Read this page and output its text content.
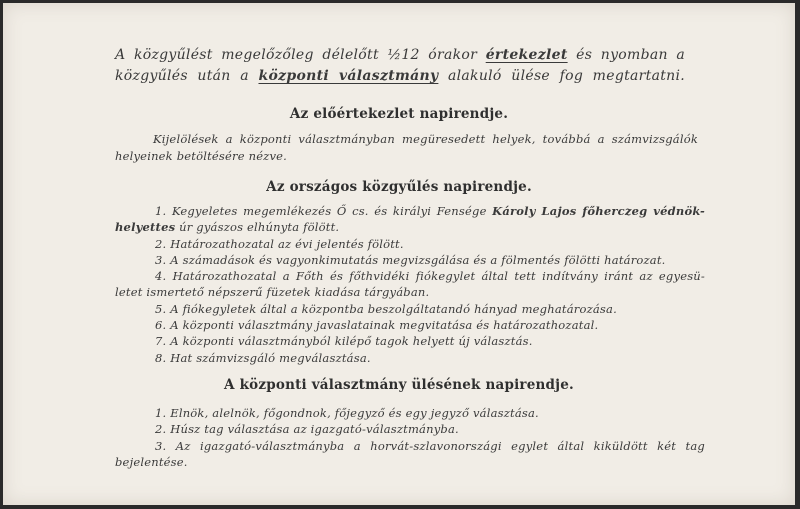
A közgyűlést megelőzőleg délelőtt ½12 órakor értekezlet és nyomban a
közgyűlés után a központi választmány alakuló ülése fog megtartatni.
Az előértekezlet napirendje.
Kijelölések a központi választmányban megüresedett helyek, továbbá a számvizsgálók
helyeinek betöltésére nézve.
Az országos közgyűlés napirendje.
1. Kegyeletes megemlékezés Ő cs. és királyi Fensége Károly Lajos főherczeg védnök-
helyettes úr gyászos elhúnyta fölött.
2. Határozathozatal az évi jelentés fölött.
3. A számadások és vagyonkimutatás megvizsgálása és a fölmentés fölötti határozat.
4. Határozathozatal a Főth és főthvidéki fiókegylet által tett indítvány iránt az egyesü-
letet ismertető népszerű füzetek kiadása tárgyában.
5. A fiókegyletek által a központba beszolgáltatandó hányad meghatározása.
6. A központi választmány javaslatainak megvitatása és határozathozatal.
7. A központi választmányból kilépő tagok helyett új választás.
8. Hat számvizsgáló megválasztása.
A központi választmány ülésének napirendje.
1. Elnök, alelnök, főgondnok, főjegyző és egy jegyző választása.
2. Húsz tag választása az igazgató-választmányba.
3. Az igazgató-választmányba a horvát-szlavonországi egylet által kiküldött két tag
bejelentése.
